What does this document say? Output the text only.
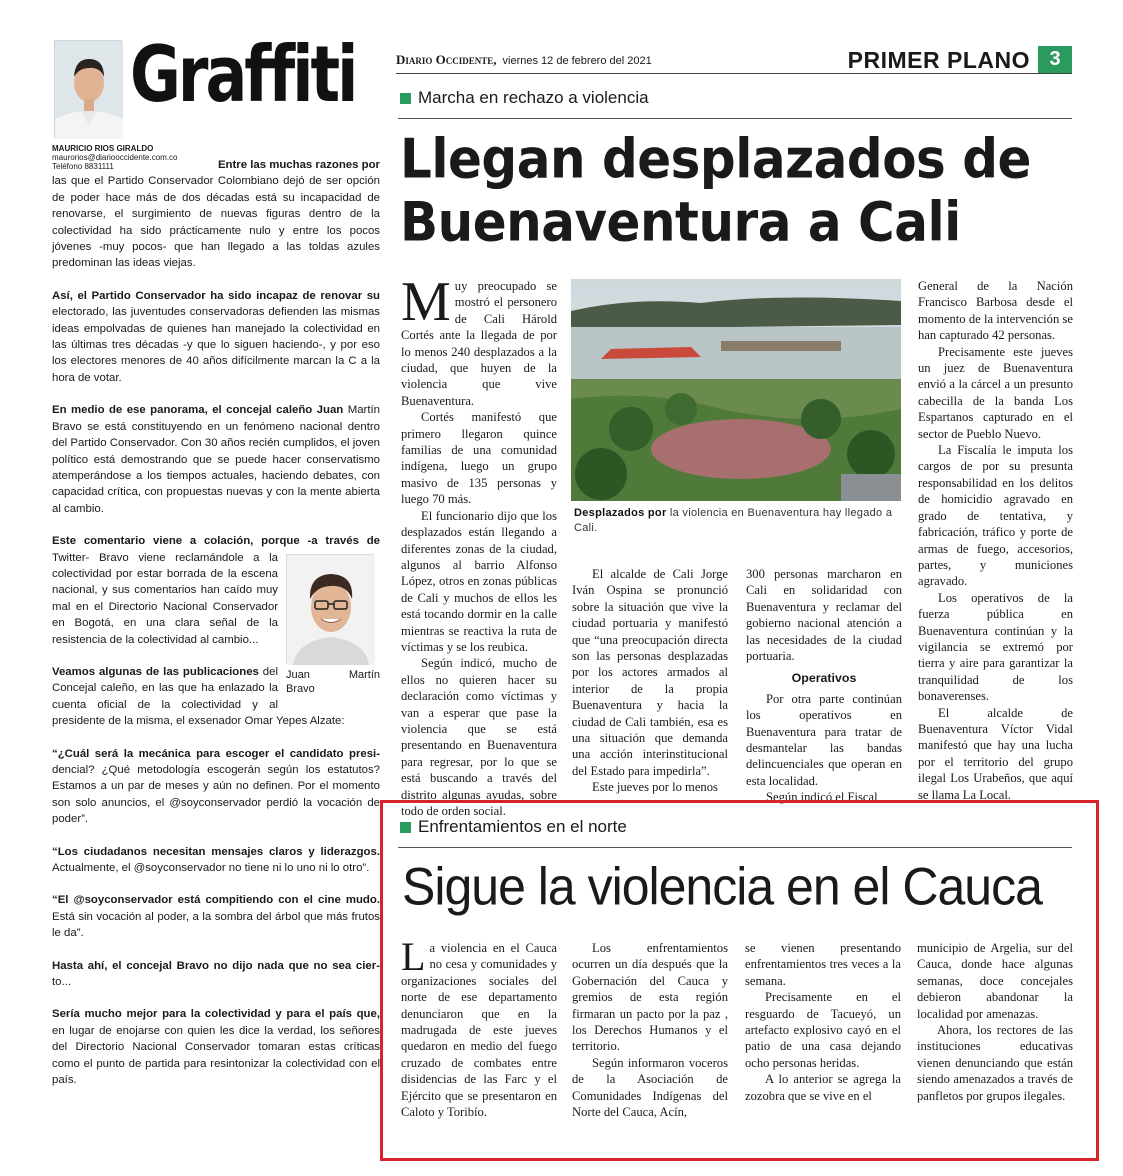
Graffiti
MAURICIO RIOS GIRALDO
maurorios@diariooccidente.com.co
Teléfono 8831111	Entre las muchas razones por
las que el Partido Conservador Colombiano dejó de ser opción de poder hace más de dos décadas está su incapacidad de renovarse, el surgimiento de nuevas figuras dentro de la colectividad ha sido prácticamente nulo y entre los pocos jóvenes -muy pocos- que han llegado a las toldas azules predominan las ideas viejas.

Así, el Partido Conservador ha sido incapaz de renovar su electorado, las juventudes conservadoras defienden las mismas ideas empolvadas de quienes han manejado la colectividad en las últimas tres décadas -y que lo siguen haciendo-, y por eso los electores menores de 40 años difícilmente marcan la C a la hora de votar.

En medio de ese panorama, el concejal caleño Juan Martín Bravo se está constituyendo en un fenómeno nacional dentro del Partido Conservador. Con 30 años recién cumplidos, el joven político está demostrando que se puede hacer conservatismo atemperándose a los tiempos actuales, haciendo debates, con capacidad crítica, con propuestas nuevas y con la mente abierta al cambio.

Este comentario viene a colación, porque -a través de
Juan	Martín
Bravo
Twitter- Bravo viene reclamándole a la colectividad por estar borrada de la escena nacional, y sus comentarios han caído muy mal en el Directorio Nacional Conservador en Bogotá, en una clara señal de la resistencia de la colectividad al cambio...

Veamos algunas de las publicaciones del Concejal caleño, en las que ha enlazado la cuenta oficial de la colectividad y al presidente de la misma, el exsenador Omar Yepes Alzate:

“¿Cuál será la mecánica para escoger el candidato presi-dencial? ¿Qué metodología escogerán según los estatutos? Estamos a un par de meses y aún no definen. Por el momento son solo anuncios, el @soyconservador perdió la vocación de poder”.

“Los ciudadanos necesitan mensajes claros y liderazgos. Actualmente, el @soyconservador no tiene ni lo uno ni lo otro”.

“El @soyconservador está compitiendo con el cine mudo. Está sin vocación al poder, a la sombra del árbol que más frutos le da”.

Hasta ahí, el concejal Bravo no dijo nada que no sea cier-to...

Sería mucho mejor para la colectividad y para el país que, en lugar de enojarse con quien les dice la verdad, los señores del Directorio Nacional Conservador tomaran estas críticas como el punto de partida para resintonizar la colectividad con el país.

Diario Occidente, viernes 12 de febrero del 2021	PRIMER PLANO 3
Marcha en rechazo a violencia
Llegan desplazados de Buenaventura a Cali

Muy preocupado se mostró el personero de Cali Hárold Cortés ante la llegada de por lo menos 240 desplazados a la ciudad, que huyen de la violencia que vive Buenaventura.

Cortés manifestó que primero llegaron quince familias de una comunidad indígena, luego un grupo masivo de 135 personas y luego 70 más.

El funcionario dijo que los desplazados están llegando a diferentes zonas de la ciudad, algunos al barrio Alfonso López, otros en zonas públicas de Cali y muchos de ellos les está tocando dormir en la calle mientras se reactiva la ruta de víctimas y se los reubica.

Según indicó, mucho de ellos no quieren hacer su declaración como víctimas y van a esperar que pase la violencia que se está presentando en Buenaventura para regresar, por lo que se está buscando a través del distrito algunas ayudas, sobre todo de orden social.

Desplazados por la violencia en Buenaventura hay llegado a Cali.

El alcalde de Cali Jorge Iván Ospina se pronunció sobre la situación que vive la ciudad portuaria y manifestó que “una preocupación directa son las personas desplazadas por los actores armados al interior de la propia Buenaventura y hacia la ciudad de Cali también, esa es una situación que demanda una acción interinstitucional del Estado para impedirla”.

Este jueves por lo menos

300 personas marcharon en Cali en solidaridad con Buenaventura y reclamar del gobierno nacional atención a las necesidades de la ciudad portuaria.

Operativos

Por otra parte continúan los operativos en Buenaventura para tratar de desmantelar las bandas delincuenciales que operan en esta localidad.

Según indicó el Fiscal

General de la Nación Francisco Barbosa desde el momento de la intervención se han capturado 42 personas.

Precisamente este jueves un juez de Buenaventura envió a la cárcel a un presunto cabecilla de la banda Los Espartanos capturado en el sector de Pueblo Nuevo.

La Fiscalía le imputa los cargos de por su presunta responsabilidad en los delitos de homicidio agravado en grado de tentativa, y fabricación, tráfico y porte de armas de fuego, accesorios, partes, y municiones agravado.

Los operativos de la fuerza pública en Buenaventura continúan y la vigilancia se extremó por tierra y aire para garantizar la tranquilidad de los bonaverenses.

El alcalde de Buenaventura Víctor Vidal manifestó que hay una lucha por el territorio del grupo ilegal Los Urabeños, que aquí se llama La Local.

Enfrentamientos en el norte
Sigue la violencia en el Cauca

La violencia en el Cauca no cesa y comunidades y organizaciones sociales del norte de ese departamento denunciaron que en la madrugada de este jueves quedaron en medio del fuego cruzado de combates entre disidencias de las Farc y el Ejército que se presentaron en Caloto y Toribío.

Los enfrentamientos ocurren un día después que la Gobernación del Cauca y gremios de esta región firmaran un pacto por la paz , los Derechos Humanos y el territorio.

Según informaron voceros de la Asociación de Comunidades Indígenas del Norte del Cauca, Acín,

se vienen presentando enfrentamientos tres veces a la semana.

Precisamente en el resguardo de Tacueyó, un artefacto explosivo cayó en el patio de una casa dejando ocho personas heridas.

A lo anterior se agrega la zozobra que se vive en el

municipio de Argelia, sur del Cauca, donde hace algunas semanas, doce concejales debieron abandonar la localidad por amenazas.

Ahora, los rectores de las instituciones educativas vienen denunciando que están siendo amenazados a través de panfletos por grupos ilegales.
